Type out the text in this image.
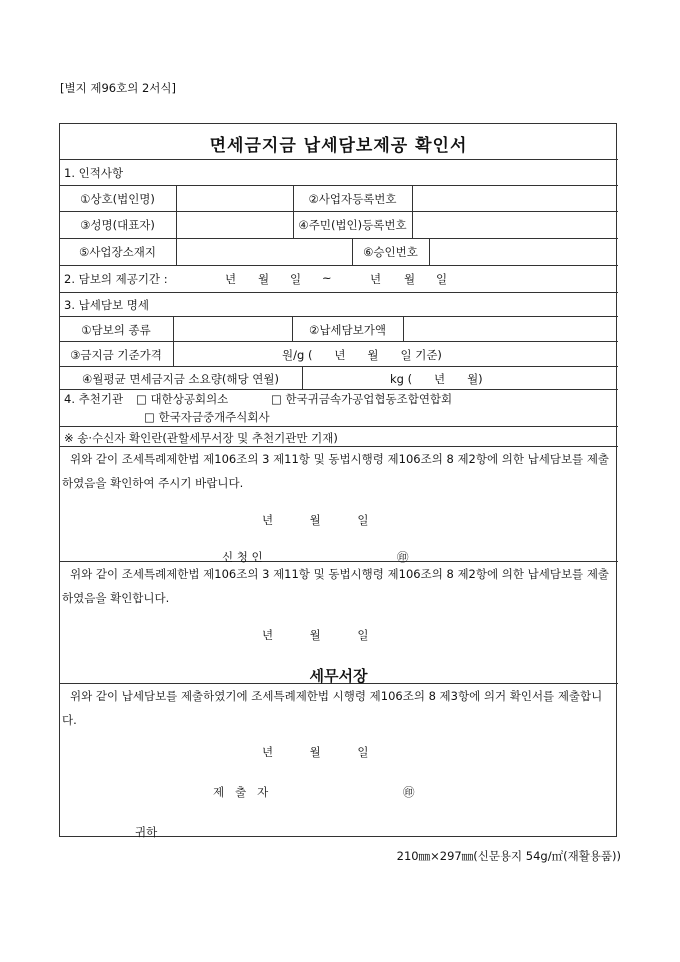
[별지 제96호의 2서식]
면세금지금 납세담보제공 확인서
1. 인적사항
①상호(법인명)	②사업자등록번호
③성명(대표자)	④주민(법인)등록번호
⑤사업장소재지	⑥승인번호
2. 담보의 제공기간 :	년 월 일 ~	년 월 일
3. 납세담보 명세
①담보의 종류	②납세담보가액
③금지금 기준가격	원/g (      년      월      일 기준)
④월평균 면세금지금 소요량(해당 연월)	kg (      년      월)
4. 추천기관 □ 대한상공회의소	□ 한국귀금속가공업협동조합연합회
□ 한국자금중개주식회사
※ 송·수신자 확인란(관할세무서장 및 추천기관만 기재)
위와 같이 조세특례제한법 제106조의 3 제11항 및 동법시행령 제106조의 8 제2항에 의한 납세담보를 제출하였음을 확인하여 주시기 바랍니다.
년          월          일
신 청 인	㊞
위와 같이 조세특례제한법 제106조의 3 제11항 및 동법시행령 제106조의 8 제2항에 의한 납세담보를 제출하였음을 확인합니다.
년          월          일
세무서장
위와 같이 납세담보를 제출하였기에 조세특례제한법 시행령 제106조의 8 제3항에 의거 확인서를 제출합니다.
년          월          일
제   출   자	㊞
귀하
210㎜×297㎜(신문용지 54g/㎡(재활용품))
